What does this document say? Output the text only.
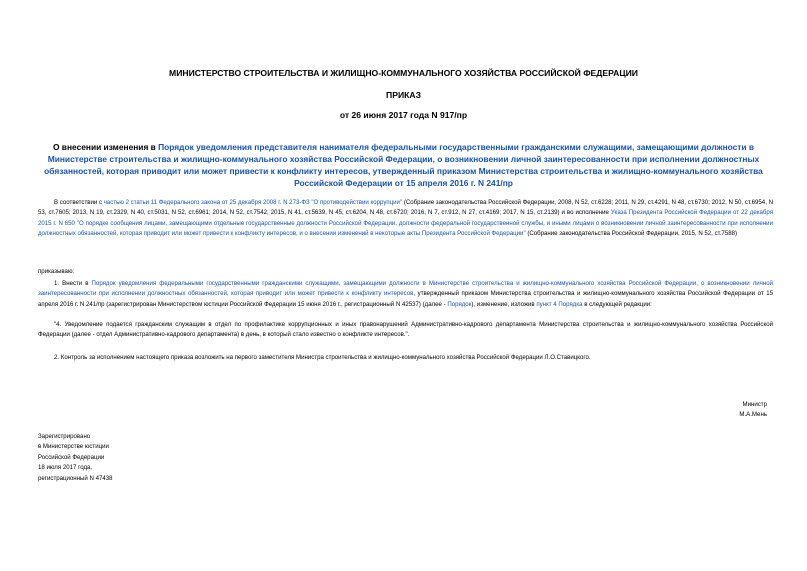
МИНИСТЕРСТВО СТРОИТЕЛЬСТВА И ЖИЛИЩНО-КОММУНАЛЬНОГО ХОЗЯЙСТВА РОССИЙСКОЙ ФЕДЕРАЦИИ
ПРИКАЗ
от 26 июня 2017 года N 917/пр
О внесении изменения в Порядок уведомления представителя нанимателя федеральными государственными гражданскими служащими, замещающими должности в Министерстве строительства и жилищно-коммунального хозяйства Российской Федерации, о возникновении личной заинтересованности при исполнении должностных обязанностей, которая приводит или может привести к конфликту интересов, утвержденный приказом Министерства строительства и жилищно-коммунального хозяйства Российской Федерации от 15 апреля 2016 г. N 241/пр
В соответствии с частью 2 статьи 11 Федерального закона от 25 декабря 2008 г. N 273-ФЗ "О противодействии коррупции" (Собрание законодательства Российской Федерации, 2008, N 52, ст.6228; 2011, N 29, ст.4291, N 48, ст.6730; 2012, N 50, ст.6954, N 53, ст.7605; 2013, N 19, ст.2329, N 40, ст.5031, N 52, ст.6961; 2014, N 52, ст.7542; 2015, N 41, ст.5639, N 45, ст.6204, N 48, ст.6720; 2016, N 7, ст.912, N 27, ст.4169; 2017, N 15, ст.2139) и во исполнение Указа Президента Российской Федерации от 22 декабря 2015 г. N 650 "О порядке сообщения лицами, замещающими отдельные государственные должности Российской Федерации, должности федеральной государственной службы, и иными лицами о возникновении личной заинтересованности при исполнении должностных обязанностей, которая приводит или может привести к конфликту интересов, и о внесении изменений в некоторые акты Президента Российской Федерации" (Собрание законодательства Российской Федерации, 2015, N 52, ст.7588)
приказываю:
1. Внести в Порядок уведомления федеральными государственными гражданскими служащими, замещающими должности в Министерстве строительства и жилищно-коммунального хозяйства Российской Федерации, о возникновении личной заинтересованности при исполнении должностных обязанностей, которая приводит или может привести к конфликту интересов, утвержденный приказом Министерства строительства и жилищно-коммунального хозяйства Российской Федерации от 15 апреля 2016 г. N 241/пр (зарегистрирован Министерством юстиции Российской Федерации 15 июня 2016 г., регистрационный N 42537) (далее - Порядок), изменение, изложив пункт 4 Порядка в следующей редакции:
"4. Уведомление подается гражданским служащим в отдел по профилактике коррупционных и иных правонарушений Административно-кадрового департамента Министерства строительства и жилищно-коммунального хозяйства Российской Федерации (далее - отдел Административно-кадрового департамента) в день, в который стало известно о конфликте интересов.".
2. Контроль за исполнением настоящего приказа возложить на первого заместителя Министра строительства и жилищно-коммунального хозяйства Российской Федерации Л.О.Ставицкого.
Министр
М.А.Мень
Зарегистрировано
в Министерстве юстиции
Российской Федерации
18 июля 2017 года,
регистрационный N 47438
